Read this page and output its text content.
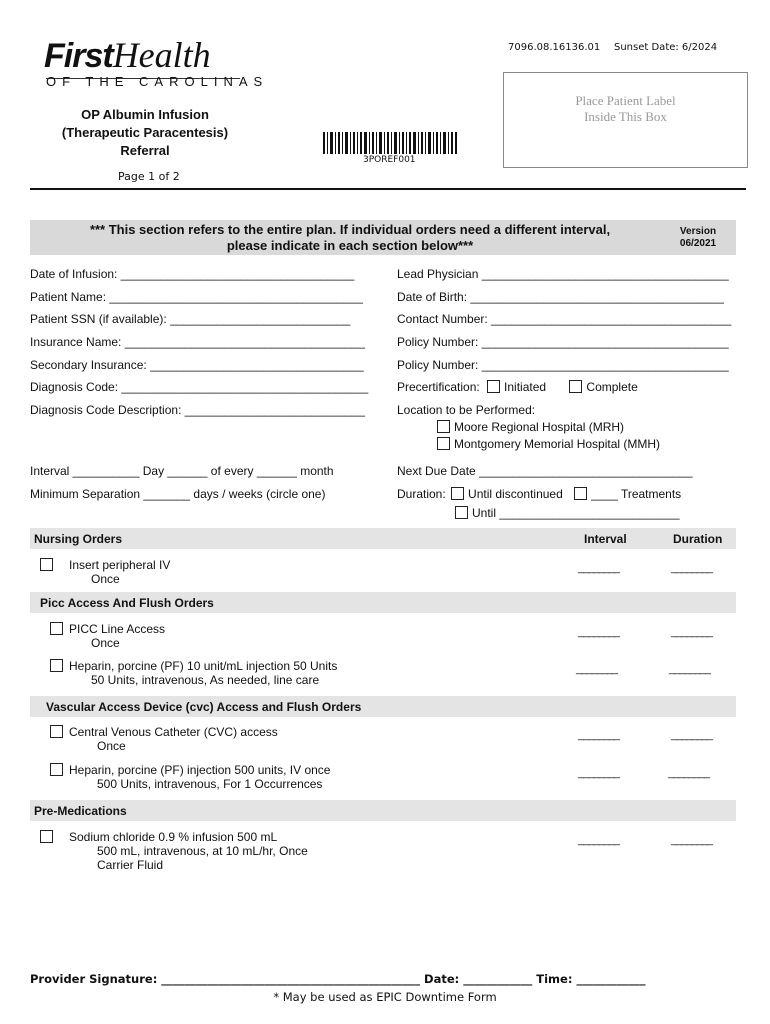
FirstHealth
OF THE CAROLINAS
7096.08.16136.01 Sunset Date: 6/2024
Place Patient Label
Inside This Box
OP Albumin Infusion
(Therapeutic Paracentesis)
Referral
3POREF001
Page 1 of 2
*** This section refers to the entire plan. If individual orders need a different interval,
please indicate in each section below***
Version
06/2021
Date of Infusion: ___________________________________
Patient Name: ______________________________________
Patient SSN (if available): ___________________________
Insurance Name: ____________________________________
Secondary Insurance: ________________________________
Diagnosis Code: _____________________________________
Diagnosis Code Description: ___________________________
Lead Physician _____________________________________
Date of Birth: ______________________________________
Contact Number: ____________________________________
Policy Number: _____________________________________
Policy Number: _____________________________________
Precertification: Initiated	Complete
Location to be Performed:
Moore Regional Hospital (MRH)
Montgomery Memorial Hospital (MMH)
Interval __________ Day ______ of every ______ month
Minimum Separation _______ days / weeks (circle one)
Next Due Date ________________________________
Duration: Until discontinued ____ Treatments
Until ___________________________
Nursing Orders	Interval	Duration
Insert peripheral IV
Once
________	________
Picc Access And Flush Orders
PICC Line Access
Once
________	________
Heparin, porcine (PF) 10 unit/mL injection 50 Units
50 Units, intravenous, As needed, line care
________	________
Vascular Access Device (cvc) Access and Flush Orders
Central Venous Catheter (CVC) access
Once
________	________
Heparin, porcine (PF) injection 500 units, IV once
500 Units, intravenous, For 1 Occurrences
________	________
Pre-Medications
Sodium chloride 0.9 % infusion 500 mL
500 mL, intravenous, at 10 mL/hr, Once
Carrier Fluid
________	________
Provider Signature: _____________________________________________ Date: ____________ Time: ____________
* May be used as EPIC Downtime Form
